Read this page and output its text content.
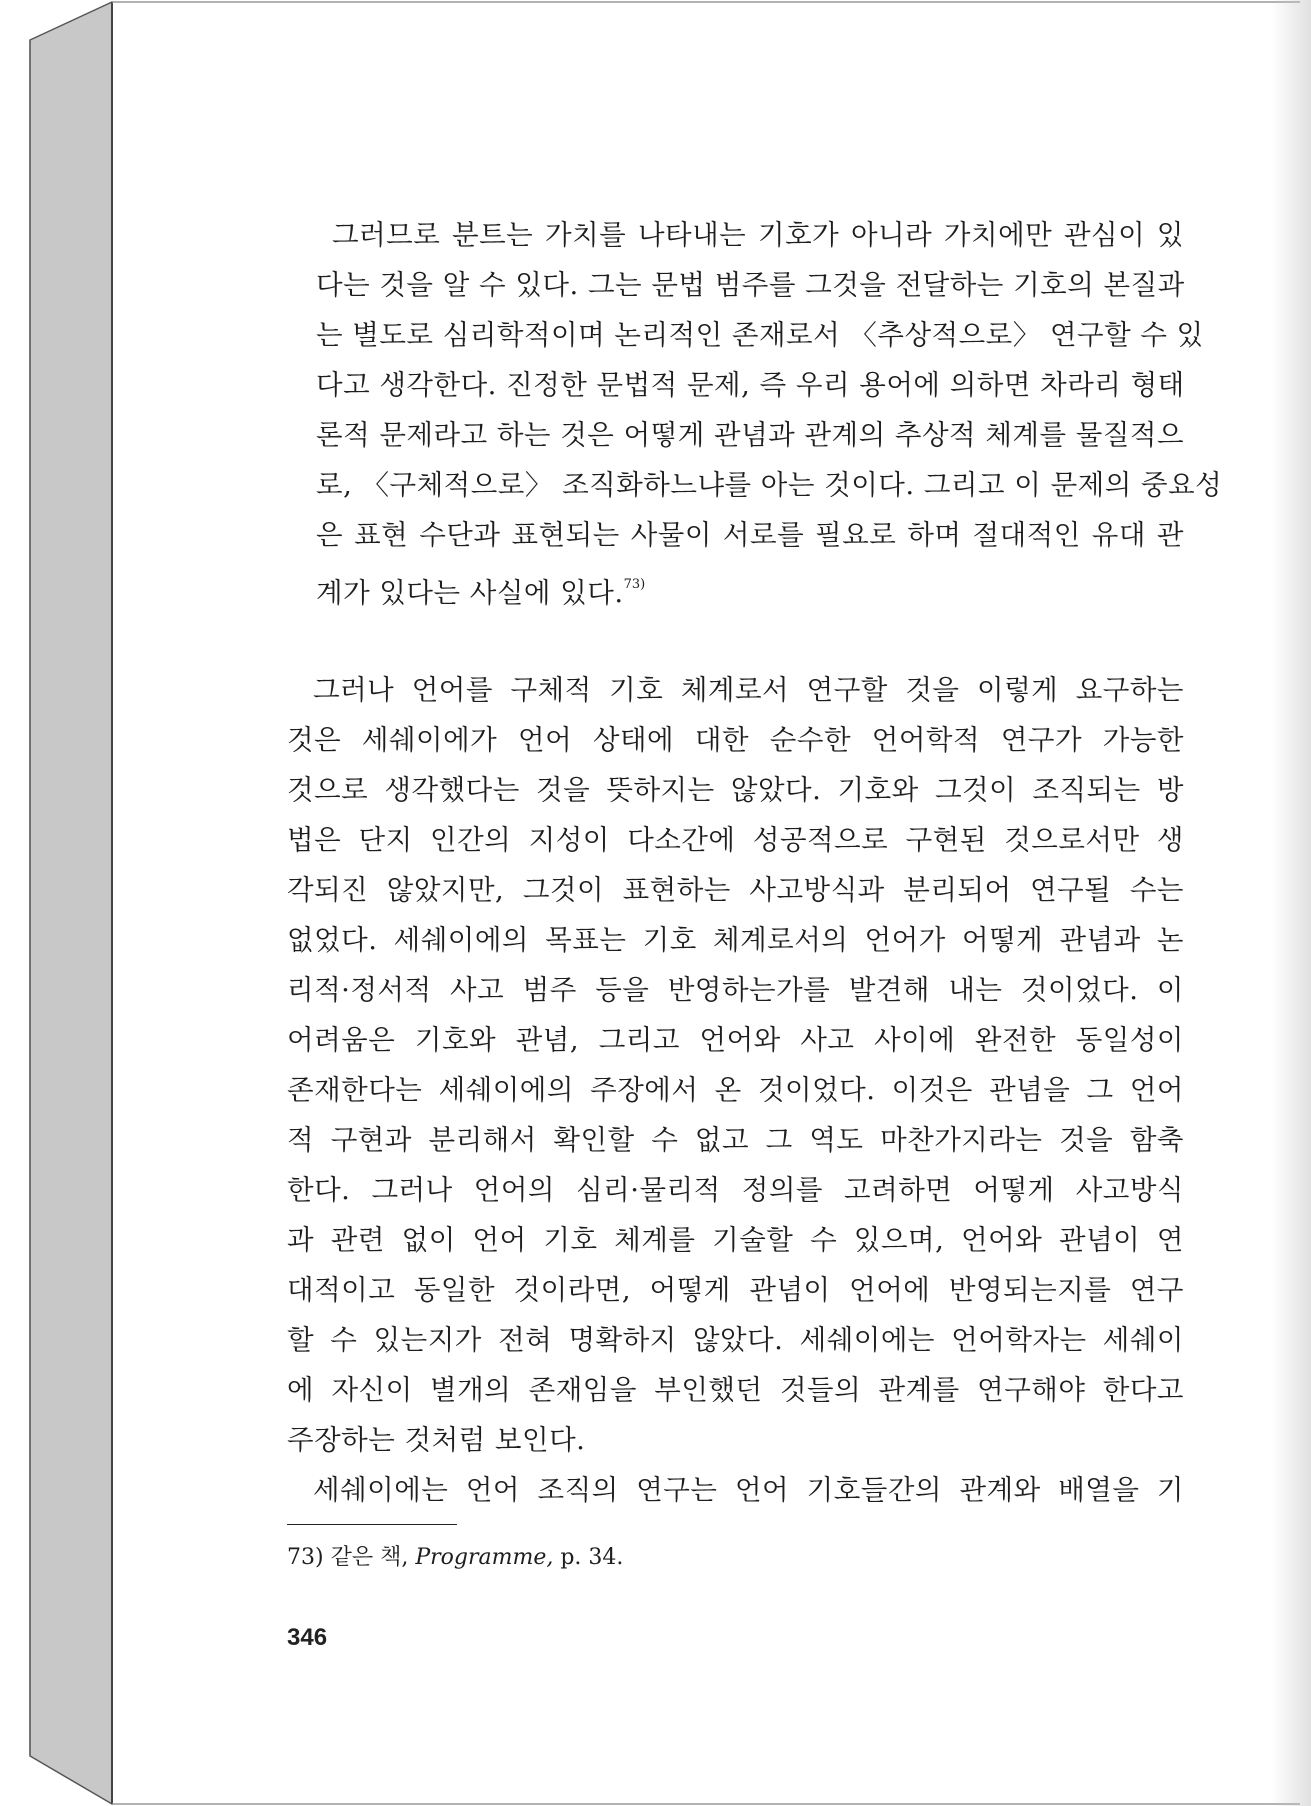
그러므로 분트는 가치를 나타내는 기호가 아니라 가치에만 관심이 있
다는 것을 알 수 있다. 그는 문법 범주를 그것을 전달하는 기호의 본질과
는 별도로 심리학적이며 논리적인 존재로서 〈추상적으로〉 연구할 수 있
다고 생각한다. 진정한 문법적 문제, 즉 우리 용어에 의하면 차라리 형태
론적 문제라고 하는 것은 어떻게 관념과 관계의 추상적 체계를 물질적으
로, 〈구체적으로〉 조직화하느냐를 아는 것이다. 그리고 이 문제의 중요성
은 표현 수단과 표현되는 사물이 서로를 필요로 하며 절대적인 유대 관
계가 있다는 사실에 있다.$^{73)}$
그러나 언어를 구체적 기호 체계로서 연구할 것을 이렇게 요구하는
것은 세쉐이에가 언어 상태에 대한 순수한 언어학적 연구가 가능한
것으로 생각했다는 것을 뜻하지는 않았다. 기호와 그것이 조직되는 방
법은 단지 인간의 지성이 다소간에 성공적으로 구현된 것으로서만 생
각되진 않았지만, 그것이 표현하는 사고방식과 분리되어 연구될 수는
없었다. 세쉐이에의 목표는 기호 체계로서의 언어가 어떻게 관념과 논
리적·정서적 사고 범주 등을 반영하는가를 발견해 내는 것이었다. 이
어려움은 기호와 관념, 그리고 언어와 사고 사이에 완전한 동일성이
존재한다는 세쉐이에의 주장에서 온 것이었다. 이것은 관념을 그 언어
적 구현과 분리해서 확인할 수 없고 그 역도 마찬가지라는 것을 함축
한다. 그러나 언어의 심리·물리적 정의를 고려하면 어떻게 사고방식
과 관련 없이 언어 기호 체계를 기술할 수 있으며, 언어와 관념이 연
대적이고 동일한 것이라면, 어떻게 관념이 언어에 반영되는지를 연구
할 수 있는지가 전혀 명확하지 않았다. 세쉐이에는 언어학자는 세쉐이
에 자신이 별개의 존재임을 부인했던 것들의 관계를 연구해야 한다고
주장하는 것처럼 보인다.
세쉐이에는 언어 조직의 연구는 언어 기호들간의 관계와 배열을 기
73) 같은 책, Programme, p. 34.
346
